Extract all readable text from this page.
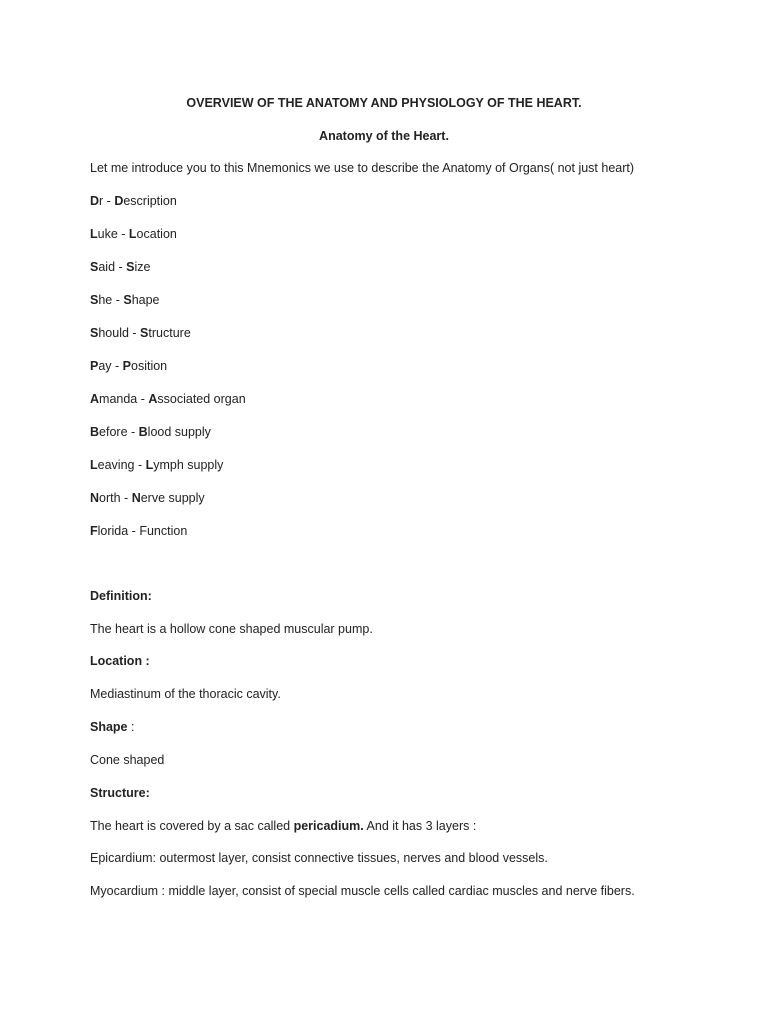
OVERVIEW OF THE ANATOMY AND PHYSIOLOGY OF THE HEART.
Anatomy of the Heart.
Let me introduce you to this Mnemonics we use to describe the Anatomy of Organs( not just heart)
Dr - Description
Luke - Location
Said - Size
She - Shape
Should - Structure
Pay - Position
Amanda - Associated organ
Before - Blood supply
Leaving - Lymph supply
North - Nerve supply
Florida - Function
Definition:
The heart is a hollow cone shaped muscular pump.
Location :
Mediastinum of the thoracic cavity.
Shape :
Cone shaped
Structure:
The heart is covered by a sac called pericadium. And it has 3 layers :
Epicardium: outermost layer, consist connective tissues, nerves and blood vessels.
Myocardium : middle layer, consist of special muscle cells called cardiac muscles and nerve fibers.
